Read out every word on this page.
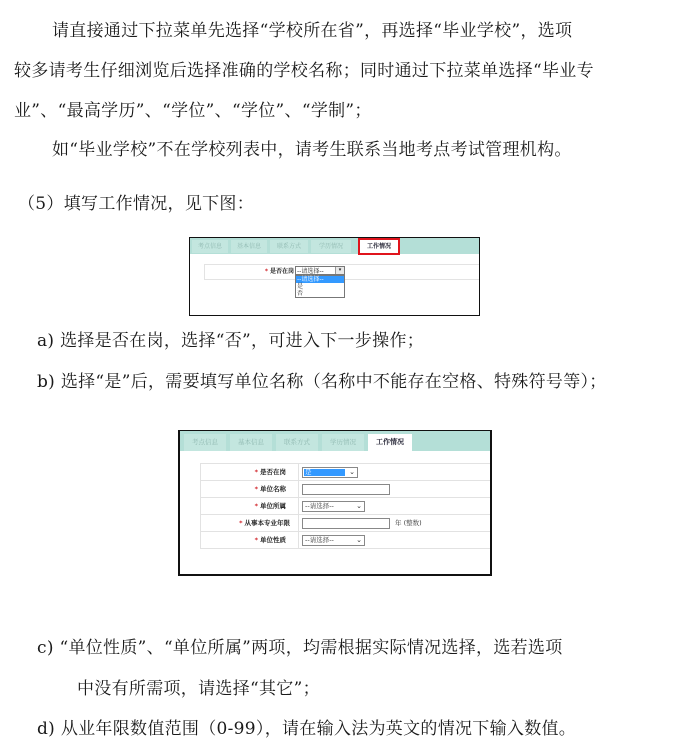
请直接通过下拉菜单先选择“学校所在省”，再选择“毕业学校”，选项
较多请考生仔细浏览后选择准确的学校名称；同时通过下拉菜单选择“毕业专
业”、“最高学历”、“学位”、“学位”、“学制”；
如“毕业学校”不在学校列表中，请考生联系当地考点考试管理机构。
（5）填写工作情况，见下图：
考点信息	基本信息	联系方式	学历情况	工作情况
* 是否在岗 --请选择--	▾
--请选择--
是
否
a) 选择是否在岗，选择“否”，可进入下一步操作；
b) 选择“是”后，需要填写单位名称（名称中不能存在空格、特殊符号等）；
考点信息	基本信息	联系方式	学历情况	工作情况
* 是否在岗	是	⌄
* 单位名称
* 单位所属	--请选择--	⌄
* 从事本专业年限	年 (整数)
* 单位性质	--请选择--	⌄
c) “单位性质”、“单位所属”两项，均需根据实际情况选择，选若选项
中没有所需项，请选择“其它”；
d) 从业年限数值范围（0-99），请在输入法为英文的情况下输入数值。
